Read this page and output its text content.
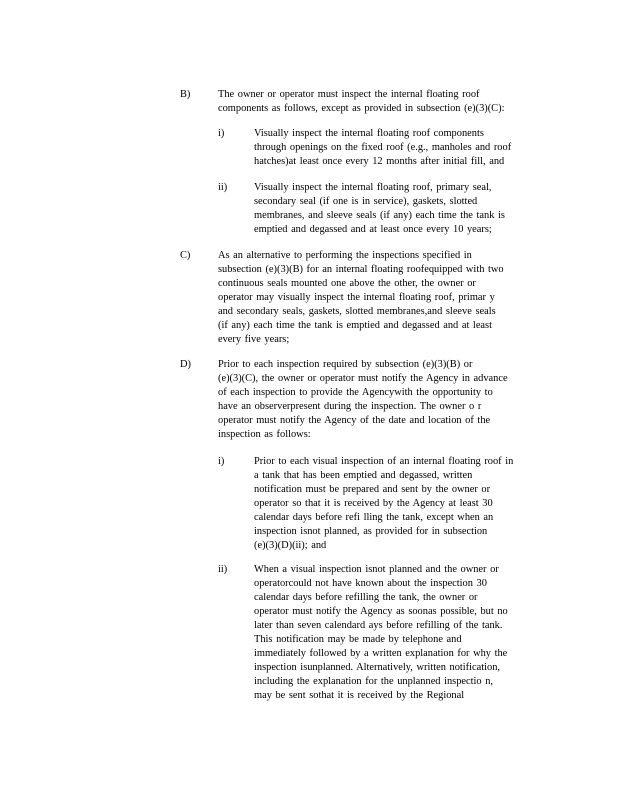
B)	The owner or operator must inspect the internal floating roof
components as follows, except as provided in subsection (e)(3)(C):
i)	Visually inspect the internal floating roof components
through openings on the fixed roof (e.g., manholes and roof
hatches)at least once every 12 months after initial fill, and
ii)	Visually inspect the internal floating roof, primary seal,
secondary seal (if one is in service), gaskets, slotted
membranes, and sleeve seals (if any) each time the tank is
emptied and degassed and at least once every 10 years;
C)	As an alternative to performing the inspections specified in
subsection (e)(3)(B) for an internal floating roofequipped with two
continuous seals mounted one above the other, the owner or
operator may visually inspect the internal floating roof, primar y
and secondary seals, gaskets, slotted membranes,and sleeve seals
(if any) each time the tank is emptied and degassed and at least
every five years;
D)	Prior to each inspection required by subsection (e)(3)(B) or
(e)(3)(C), the owner or operator must notify the Agency in advance
of each inspection to provide the Agencywith the opportunity to
have an observerpresent during the inspection. The owner o r
operator must notify the Agency of the date and location of the
inspection as follows:
i)	Prior to each visual inspection of an internal floating roof in
a tank that has been emptied and degassed, written
notification must be prepared and sent by the owner or
operator so that it is received by the Agency at least 30
calendar days before refi lling the tank, except when an
inspection isnot planned, as provided for in subsection
(e)(3)(D)(ii); and
ii)	When a visual inspection isnot planned and the owner or
operatorcould not have known about the inspection 30
calendar days before refilling the tank, the owner or
operator must notify the Agency as soonas possible, but no
later than seven calendard ays before refilling of the tank.
This notification may be made by telephone and
immediately followed by a written explanation for why the
inspection isunplanned. Alternatively, written notification,
including the explanation for the unplanned inspectio n,
may be sent sothat it is received by the Regional
